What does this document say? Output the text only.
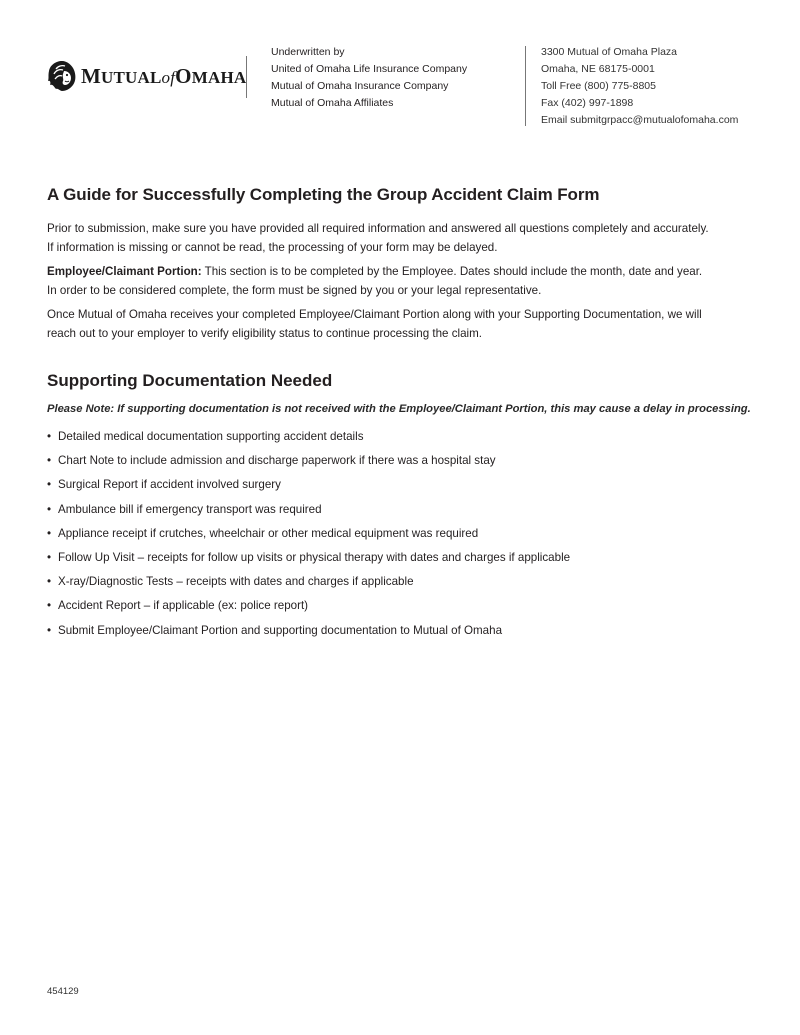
MUTUALofOMAHA
Underwritten by
United of Omaha Life Insurance Company
Mutual of Omaha Insurance Company
Mutual of Omaha Affiliates
3300 Mutual of Omaha Plaza
Omaha, NE 68175-0001
Toll Free (800) 775-8805
Fax (402) 997-1898
Email submitgrpacc@mutualofomaha.com
A Guide for Successfully Completing the Group Accident Claim Form
Prior to submission, make sure you have provided all required information and answered all questions completely and accurately.
If information is missing or cannot be read, the processing of your form may be delayed.
Employee/Claimant Portion: This section is to be completed by the Employee. Dates should include the month, date and year.
In order to be considered complete, the form must be signed by you or your legal representative.
Once Mutual of Omaha receives your completed Employee/Claimant Portion along with your Supporting Documentation, we will
reach out to your employer to verify eligibility status to continue processing the claim.
Supporting Documentation Needed
Please Note: If supporting documentation is not received with the Employee/Claimant Portion, this may cause a delay in processing.
• Detailed medical documentation supporting accident details
• Chart Note to include admission and discharge paperwork if there was a hospital stay
• Surgical Report if accident involved surgery
• Ambulance bill if emergency transport was required
• Appliance receipt if crutches, wheelchair or other medical equipment was required
• Follow Up Visit – receipts for follow up visits or physical therapy with dates and charges if applicable
• X-ray/Diagnostic Tests – receipts with dates and charges if applicable
• Accident Report – if applicable (ex: police report)
• Submit Employee/Claimant Portion and supporting documentation to Mutual of Omaha
454129
